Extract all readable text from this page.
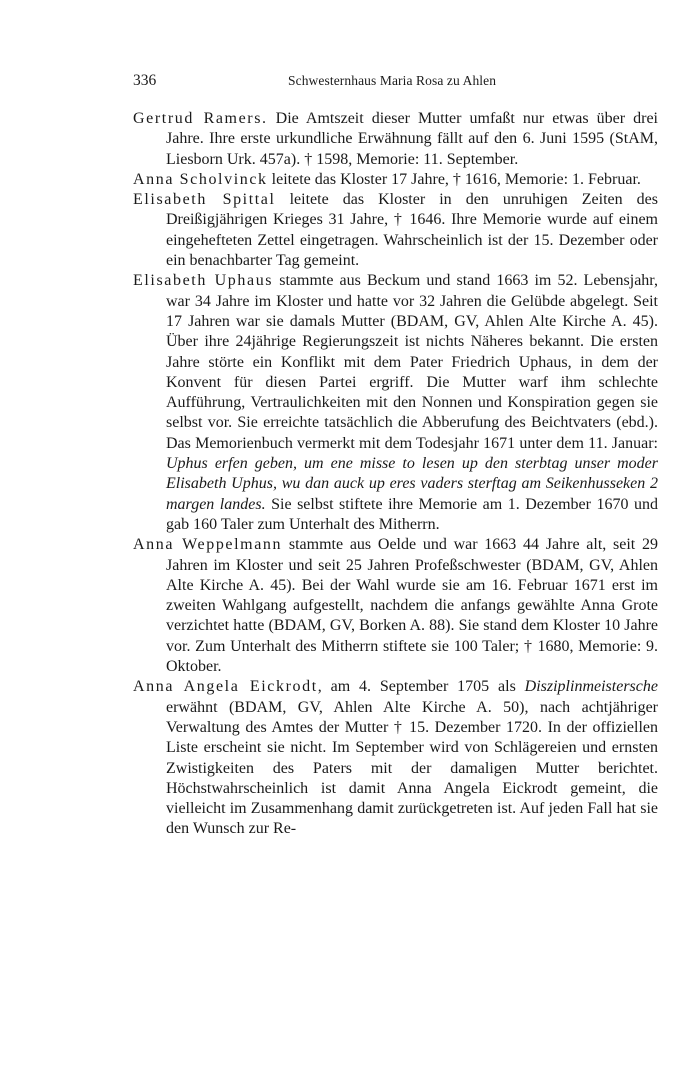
336	Schwesternhaus Maria Rosa zu Ahlen

Gertrud Ramers. Die Amtszeit dieser Mutter umfaßt nur etwas über drei Jahre. Ihre erste urkundliche Erwähnung fällt auf den 6. Juni 1595 (StAM, Liesborn Urk. 457a). † 1598, Memorie: 11. September.

Anna Scholvinck leitete das Kloster 17 Jahre, † 1616, Memorie: 1. Februar.

Elisabeth Spittal leitete das Kloster in den unruhigen Zeiten des Dreißigjährigen Krieges 31 Jahre, † 1646. Ihre Memorie wurde auf einem eingehefteten Zettel eingetragen. Wahrscheinlich ist der 15. Dezember oder ein benachbarter Tag gemeint.

Elisabeth Uphaus stammte aus Beckum und stand 1663 im 52. Lebensjahr, war 34 Jahre im Kloster und hatte vor 32 Jahren die Gelübde abgelegt. Seit 17 Jahren war sie damals Mutter (BDAM, GV, Ahlen Alte Kirche A. 45). Über ihre 24jährige Regierungszeit ist nichts Näheres bekannt. Die ersten Jahre störte ein Konflikt mit dem Pater Friedrich Uphaus, in dem der Konvent für diesen Partei ergriff. Die Mutter warf ihm schlechte Aufführung, Vertraulichkeiten mit den Nonnen und Konspiration gegen sie selbst vor. Sie erreichte tatsächlich die Abberufung des Beichtvaters (ebd.). Das Memorienbuch vermerkt mit dem Todesjahr 1671 unter dem 11. Januar: Uphus erfen geben, um ene misse to lesen up den sterbtag unser moder Elisabeth Uphus, wu dan auck up eres vaders sterftag am Seikenhusseken 2 margen landes. Sie selbst stiftete ihre Memorie am 1. Dezember 1670 und gab 160 Taler zum Unterhalt des Mitherrn.

Anna Weppelmann stammte aus Oelde und war 1663 44 Jahre alt, seit 29 Jahren im Kloster und seit 25 Jahren Profeßschwester (BDAM, GV, Ahlen Alte Kirche A. 45). Bei der Wahl wurde sie am 16. Februar 1671 erst im zweiten Wahlgang aufgestellt, nachdem die anfangs gewählte Anna Grote verzichtet hatte (BDAM, GV, Borken A. 88). Sie stand dem Kloster 10 Jahre vor. Zum Unterhalt des Mitherrn stiftete sie 100 Taler; † 1680, Memorie: 9. Oktober.

Anna Angela Eickrodt, am 4. September 1705 als Disziplinmeistersche erwähnt (BDAM, GV, Ahlen Alte Kirche A. 50), nach achtjähriger Verwaltung des Amtes der Mutter † 15. Dezember 1720. In der offiziellen Liste erscheint sie nicht. Im September wird von Schlägereien und ernsten Zwistigkeiten des Paters mit der damaligen Mutter berichtet. Höchstwahrscheinlich ist damit Anna Angela Eickrodt gemeint, die vielleicht im Zusammenhang damit zurückgetreten ist. Auf jeden Fall hat sie den Wunsch zur Re-
